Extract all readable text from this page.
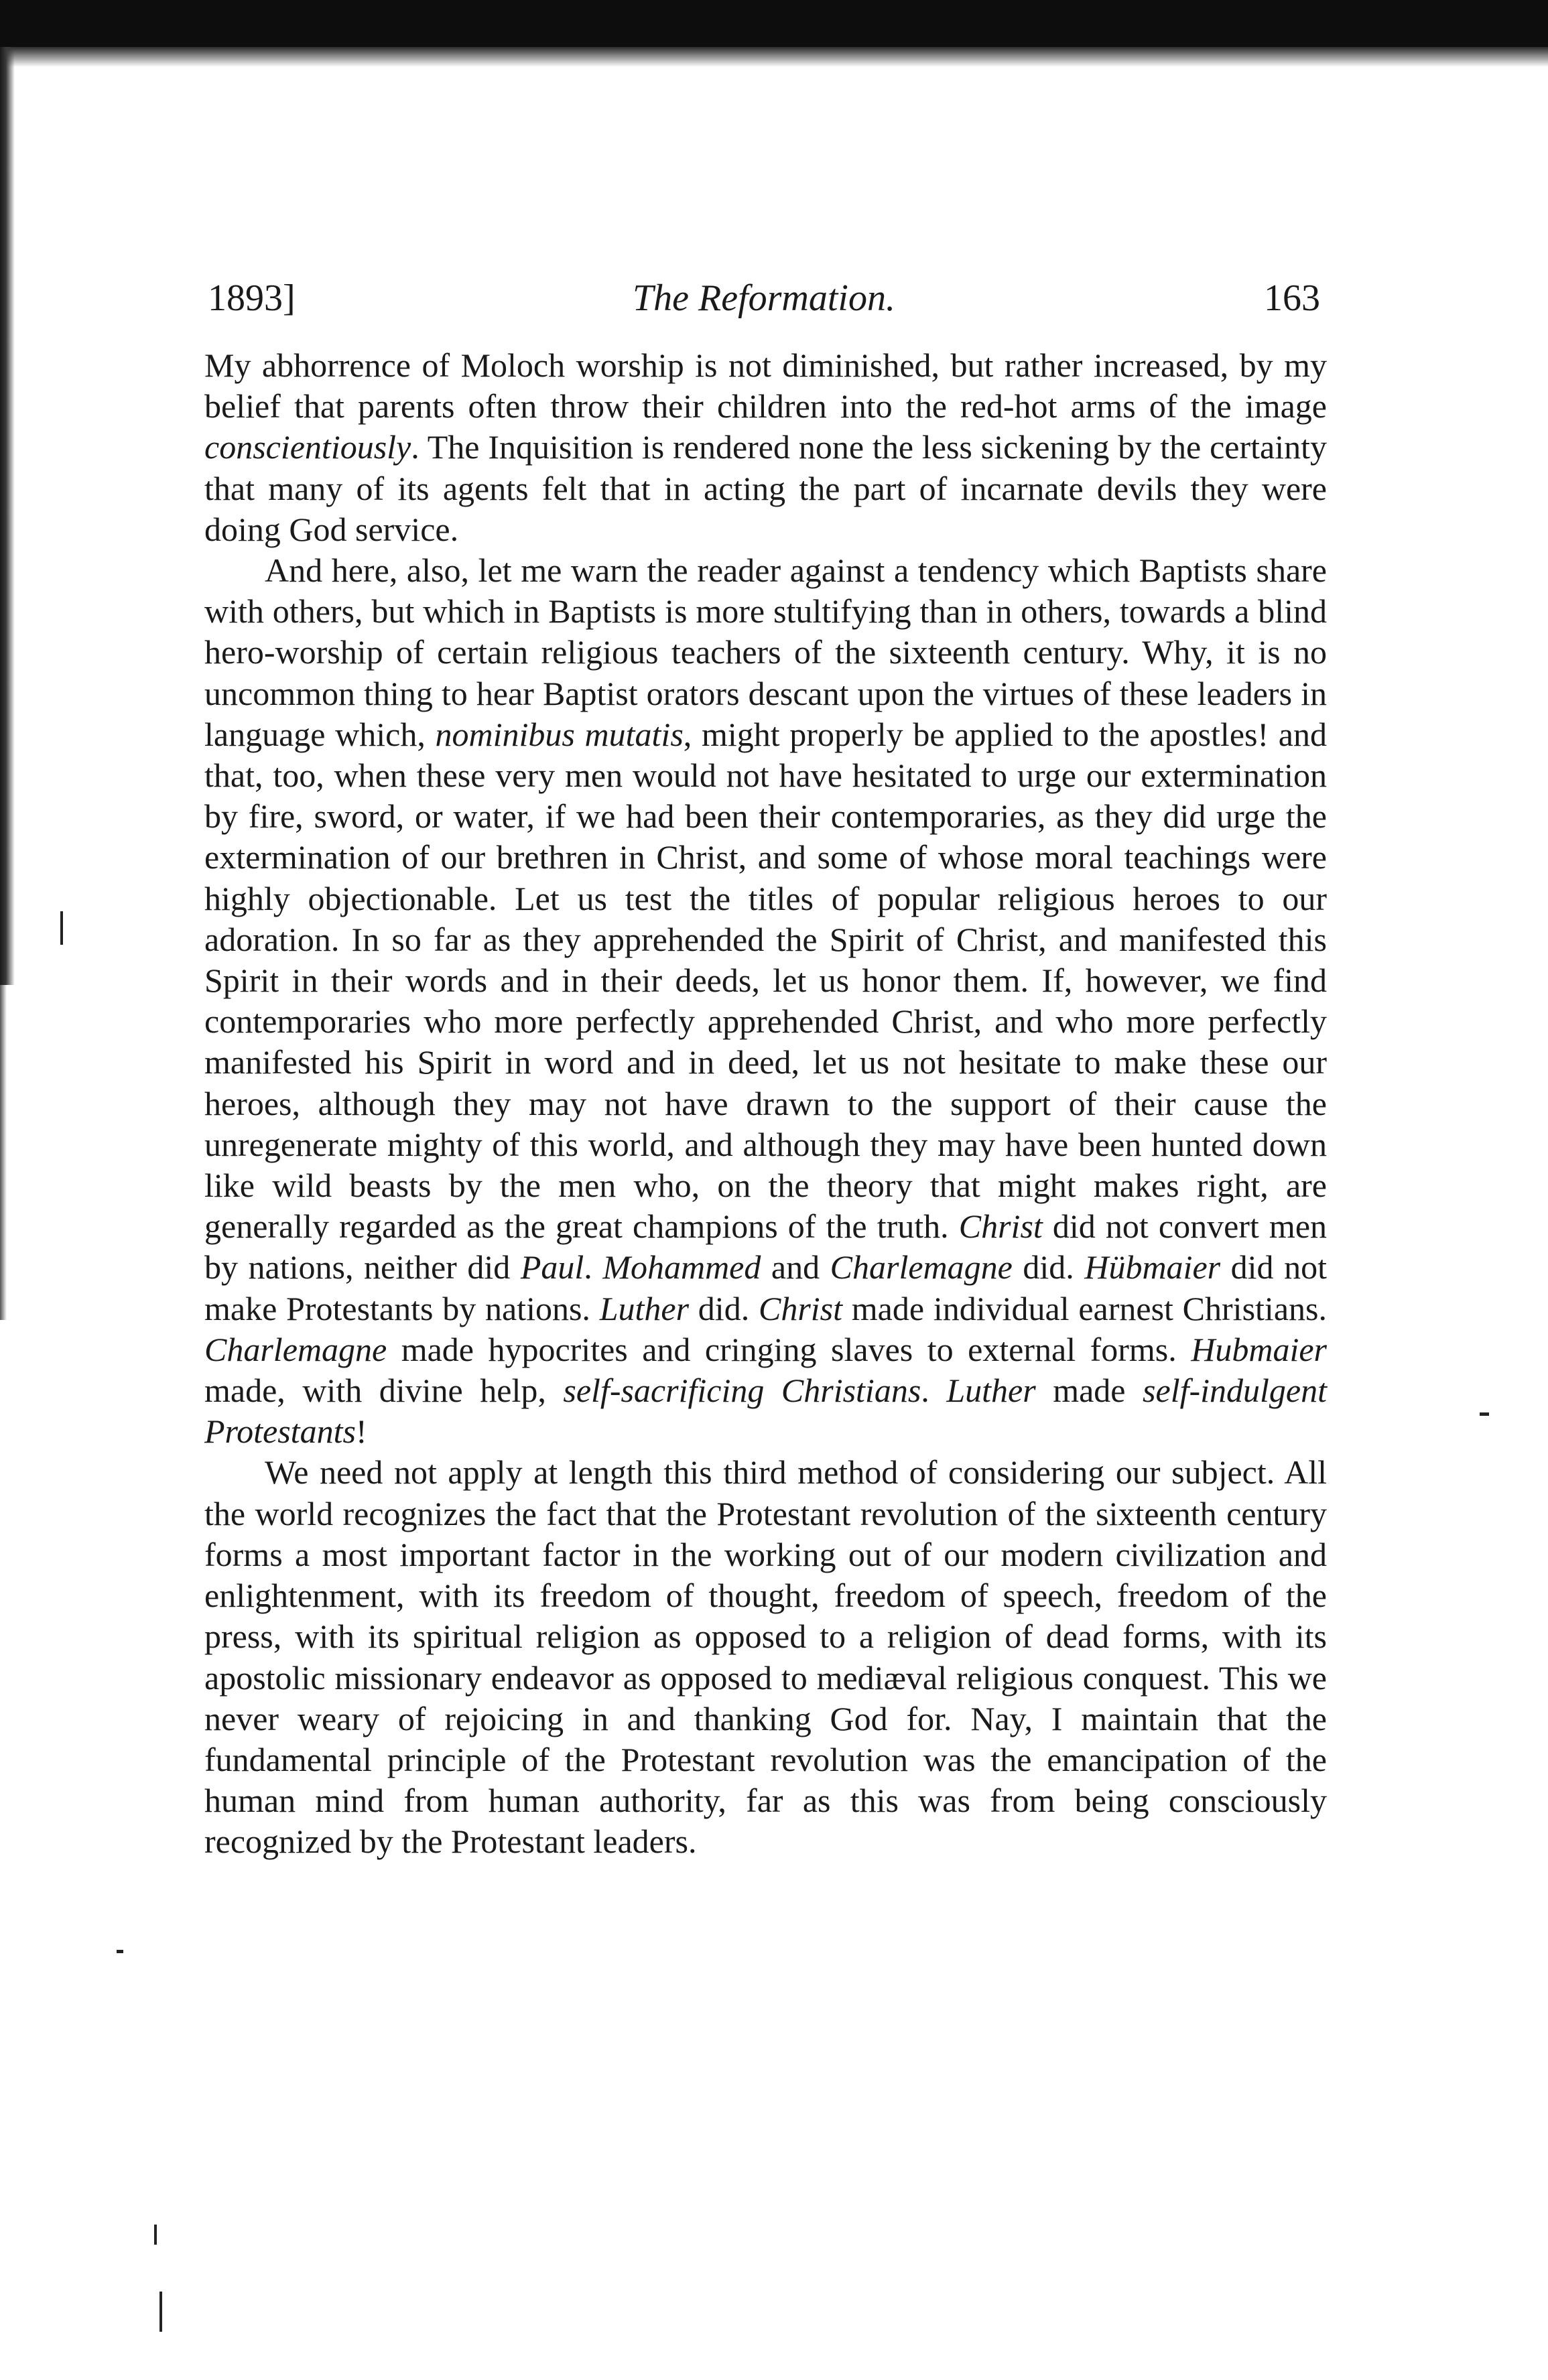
1893]	The Reformation.	163

My abhorrence of Moloch worship is not diminished, but rather increased, by my belief that parents often throw their children into the red-hot arms of the image conscientiously. The Inquisition is rendered none the less sickening by the certainty that many of its agents felt that in acting the part of incarnate devils they were doing God service.

And here, also, let me warn the reader against a tendency which Baptists share with others, but which in Baptists is more stultifying than in others, towards a blind hero-worship of certain religious teachers of the sixteenth century. Why, it is no uncommon thing to hear Baptist orators descant upon the virtues of these leaders in language which, nominibus mutatis, might properly be applied to the apostles! and that, too, when these very men would not have hesitated to urge our extermination by fire, sword, or water, if we had been their contemporaries, as they did urge the extermination of our brethren in Christ, and some of whose moral teachings were highly objectionable. Let us test the titles of popular religious heroes to our adoration. In so far as they apprehended the Spirit of Christ, and manifested this Spirit in their words and in their deeds, let us honor them. If, however, we find contemporaries who more perfectly apprehended Christ, and who more perfectly manifested his Spirit in word and in deed, let us not hesitate to make these our heroes, although they may not have drawn to the support of their cause the unregenerate mighty of this world, and although they may have been hunted down like wild beasts by the men who, on the theory that might makes right, are generally regarded as the great champions of the truth. Christ did not convert men by nations, neither did Paul. Mohammed and Charlemagne did. Hübmaier did not make Protestants by nations. Luther did. Christ made individual earnest Christians. Charlemagne made hypocrites and cringing slaves to external forms. Hubmaier made, with divine help, self-sacrificing Christians. Luther made self-indulgent Protestants!

We need not apply at length this third method of considering our subject. All the world recognizes the fact that the Protestant revolution of the sixteenth century forms a most important factor in the working out of our modern civilization and enlightenment, with its freedom of thought, freedom of speech, freedom of the press, with its spiritual religion as opposed to a religion of dead forms, with its apostolic missionary endeavor as opposed to mediæval religious conquest. This we never weary of rejoicing in and thanking God for. Nay, I maintain that the fundamental principle of the Protestant revolution was the emancipation of the human mind from human authority, far as this was from being consciously recognized by the Protestant leaders.
